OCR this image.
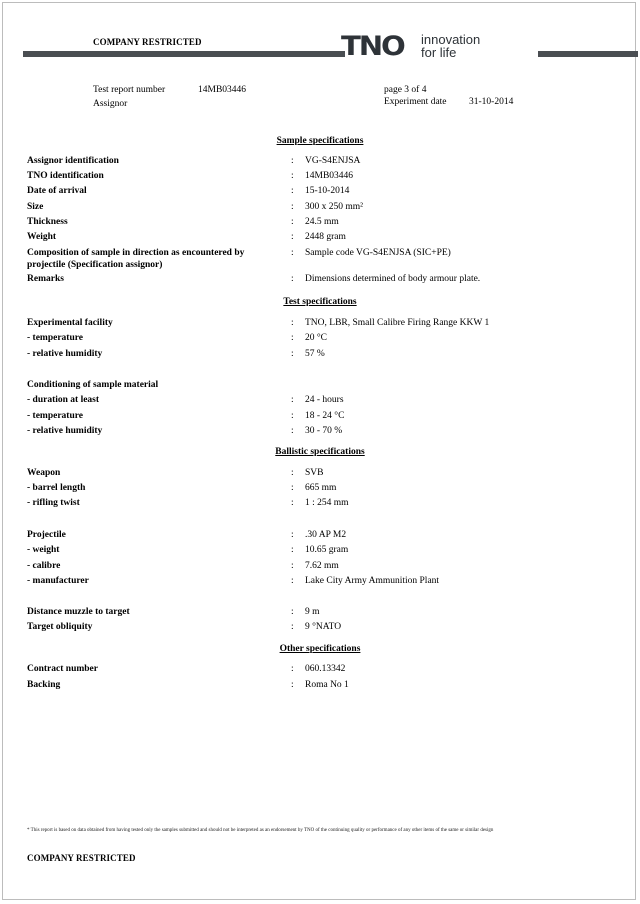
COMPANY RESTRICTED	TNO innovation
for life
Test report number	14MB03446
Assignor
page 3 of 4
Experiment date 31-10-2014
Sample specifications
Assignor identification	: VG-S4ENJSA
TNO identification	: 14MB03446
Date of arrival	: 15-10-2014
Size	: 300 x 250 mm²
Thickness	: 24.5 mm
Weight	: 2448 gram
Composition of sample in direction as encountered by
projectile (Specification assignor)
: Sample code VG-S4ENJSA (SIC+PE)
Remarks	: Dimensions determined of body armour plate.
Test specifications
Experimental facility	: TNO, LBR, Small Calibre Firing Range KKW 1
- temperature	: 20 °C
- relative humidity	: 57 %
Conditioning of sample material
- duration at least	: 24 - hours
- temperature	: 18 - 24 °C
- relative humidity	: 30 - 70 %
Ballistic specifications
Weapon	: SVB
- barrel length	: 665 mm
- rifling twist	: 1 : 254 mm
Projectile	: .30 AP M2
- weight	: 10.65 gram
- calibre	: 7.62 mm
- manufacturer	: Lake City Army Ammunition Plant
Distance muzzle to target	: 9 m
Target obliquity	: 9 °NATO
Other specifications
Contract number	: 060.13342
Backing	: Roma No 1
* This report is based on data obtained from having tested only the samples submitted and should not be interpreted as an endorsement by TNO of the continuing quality or performance of any other items of the same or similar design
COMPANY RESTRICTED
